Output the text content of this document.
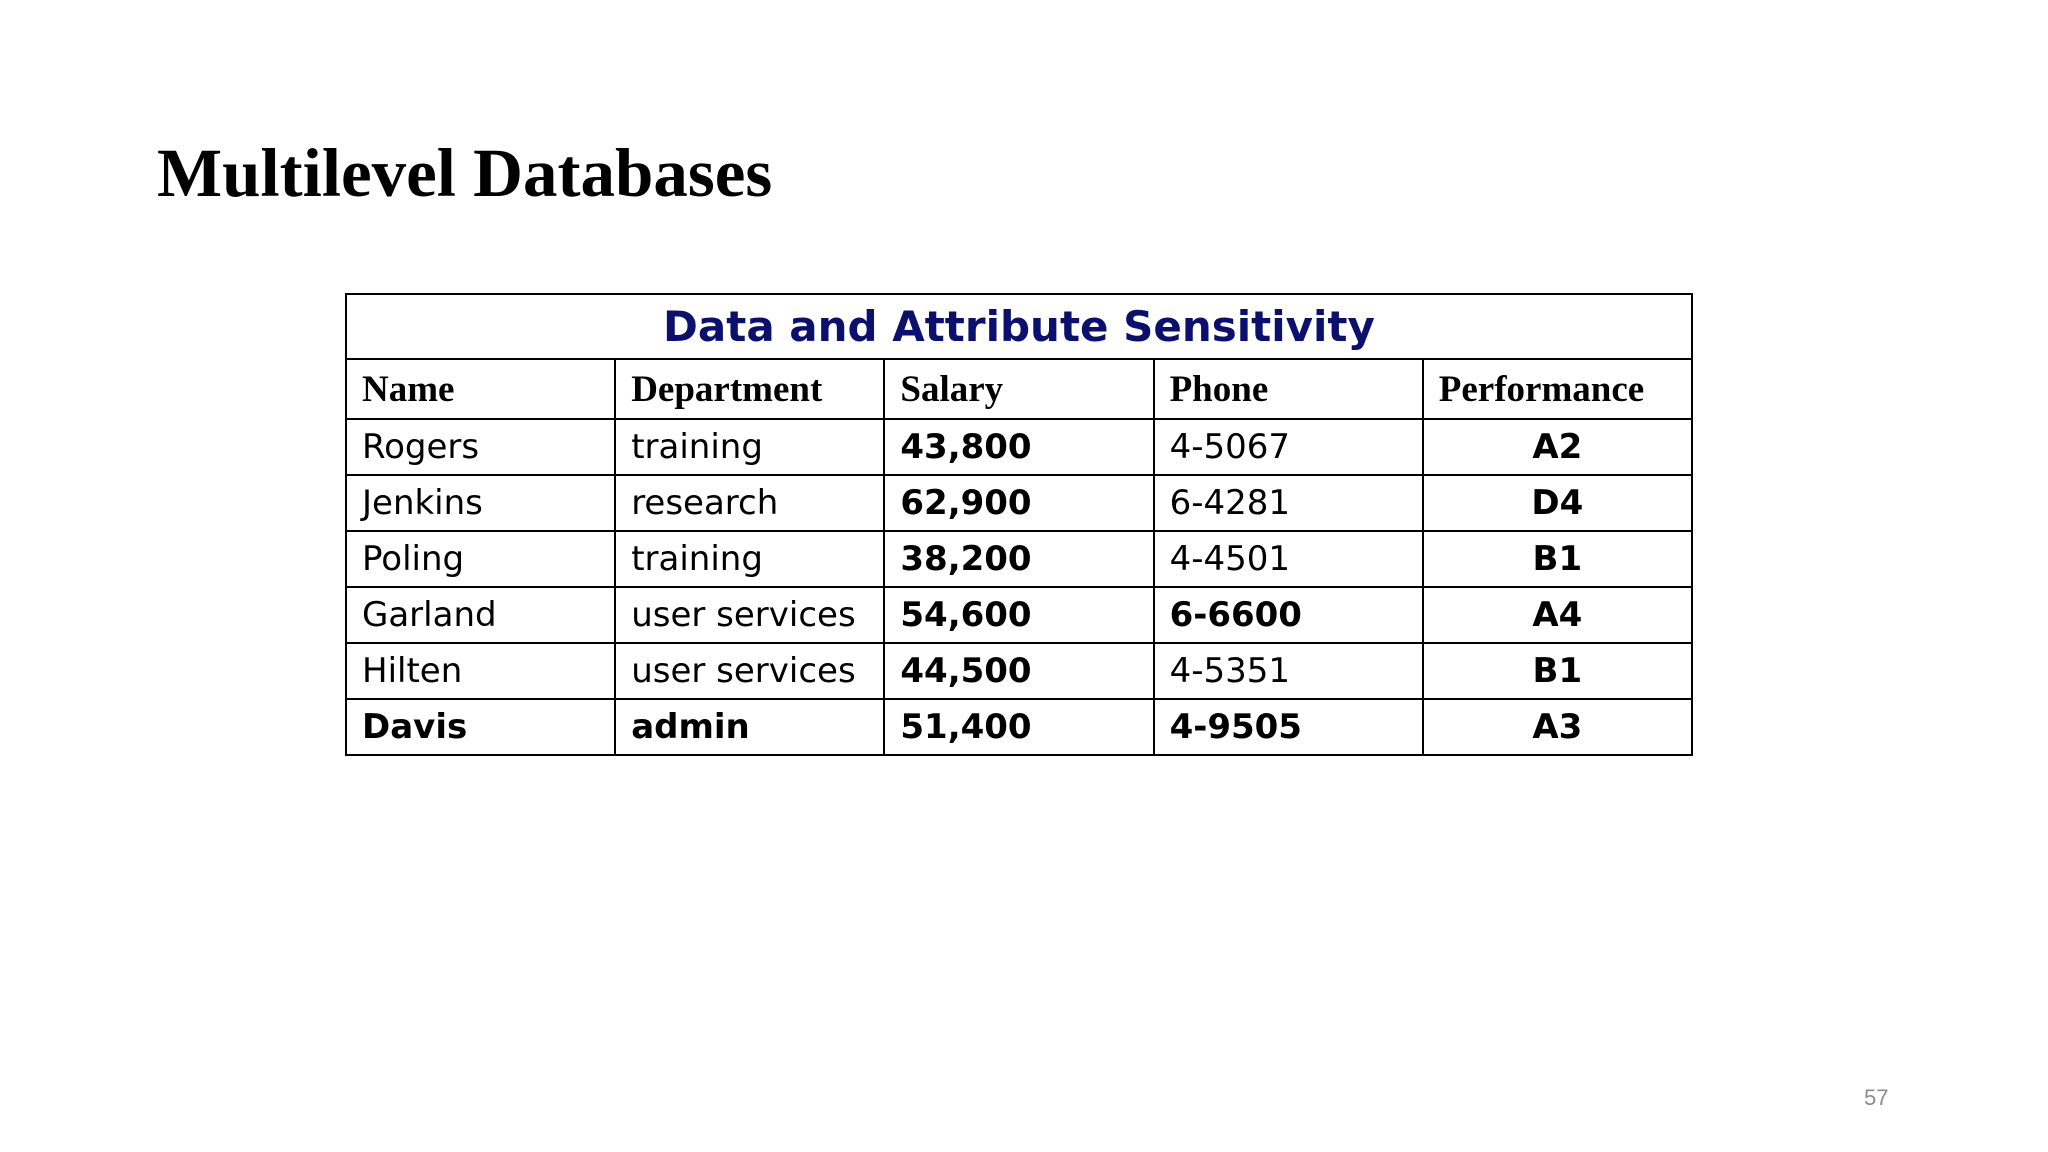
Multilevel Databases
Data and Attribute Sensitivity				
Name	Department	Salary	Phone	Performance
Rogers	training	43,800	4-5067	A2
Jenkins	research	62,900	6-4281	D4
Poling	training	38,200	4-4501	B1
Garland	user services	54,600	6-6600	A4
Hilten	user services	44,500	4-5351	B1
Davis	admin	51,400	4-9505	A3
57
